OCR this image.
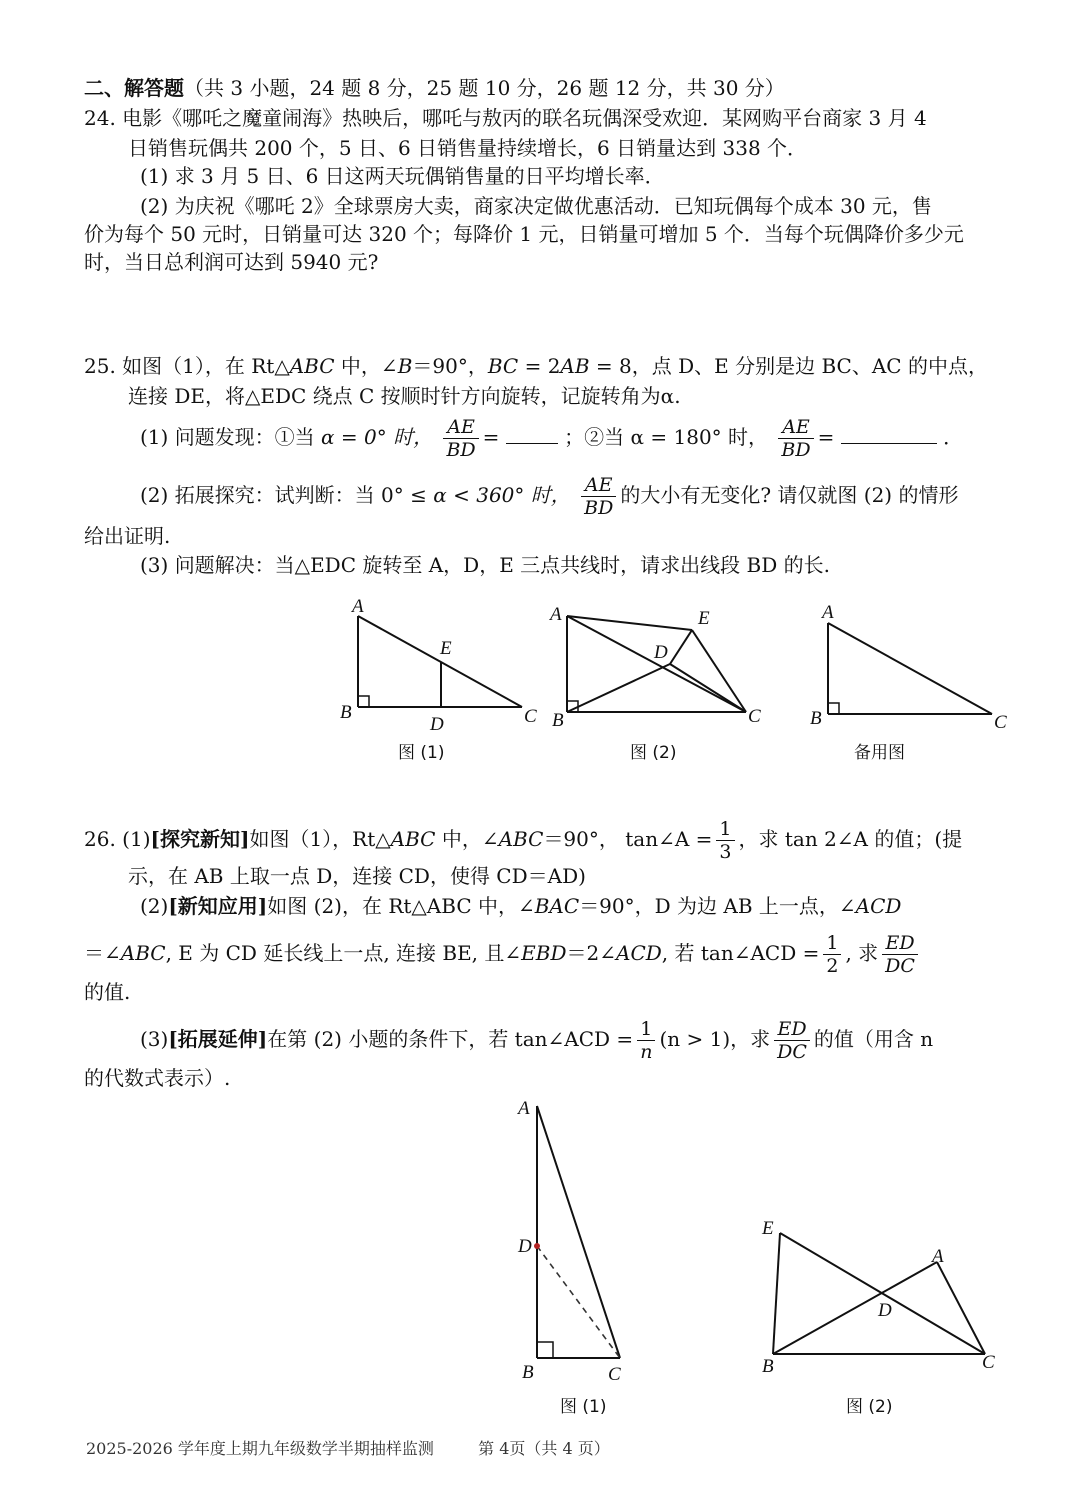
二、解答题（共 3 小题，24 题 8 分，25 题 10 分，26 题 12 分，共 30 分）
24. 电影《哪吒之魔童闹海》热映后，哪吒与敖丙的联名玩偶深受欢迎．某网购平台商家 3 月 4
日销售玩偶共 200 个，5 日、6 日销售量持续增长，6 日销量达到 338 个．
(1) 求 3 月 5 日、6 日这两天玩偶销售量的日平均增长率．
(2) 为庆祝《哪吒 2》全球票房大卖，商家决定做优惠活动．已知玩偶每个成本 30 元，售
价为每个 50 元时，日销量可达 320 个；每降价 1 元，日销量可增加 5 个．当每个玩偶降价多少元
时，当日总利润可达到 5940 元?
25. 如图（1），在 Rt△ABC 中，∠B＝90°，BC = 2AB = 8，点 D、E 分别是边 BC、AC 的中点，
连接 DE，将△EDC 绕点 C 按顺时针方向旋转，记旋转角为α.
(1) 问题发现：①当 α = 0° 时， $\frac{AE}{BD}$ =	；②当 α = 180° 时， $\frac{AE}{BD}$ =	．
(2) 拓展探究：试判断：当 0° ≤ α < 360° 时， $\frac{AE}{BD}$ 的大小有无变化? 请仅就图 (2) 的情形
给出证明.
(3) 问题解决：当△EDC 旋转至 A，D，E 三点共线时，请求出线段 BD 的长.
A
B	C
D
E
图 (1)
A
B	C
D
E
图 (2)
A
B	C
备用图
26. (1)[探究新知]如图（1），Rt△ABC 中，∠ABC＝90°， tan∠A = $\frac{1}{3}$ ，求 tan 2∠A 的值；(提
示，在 AB 上取一点 D，连接 CD，使得 CD＝AD)
(2)[新知应用]如图 (2)，在 Rt△ABC 中，∠BAC＝90°，D 为边 AB 上一点，∠ACD
＝∠ABC, E 为 CD 延长线上一点, 连接 BE, 且∠EBD＝2∠ACD, 若 tan∠ACD = $\frac{1}{2}$ , 求 $\frac{ED}{DC}$
的值.
(3)[拓展延伸]在第 (2) 小题的条件下，若 tan∠ACD = $\frac{1}{n} (n > 1)$，求 $\frac{ED}{DC}$ 的值（用含 n
的代数式表示）.
A
D
B	C
图 (1)
E
A
D
B	C
图 (2)
2025-2026 学年度上期九年级数学半期抽样监测	第 4页（共 4 页）
